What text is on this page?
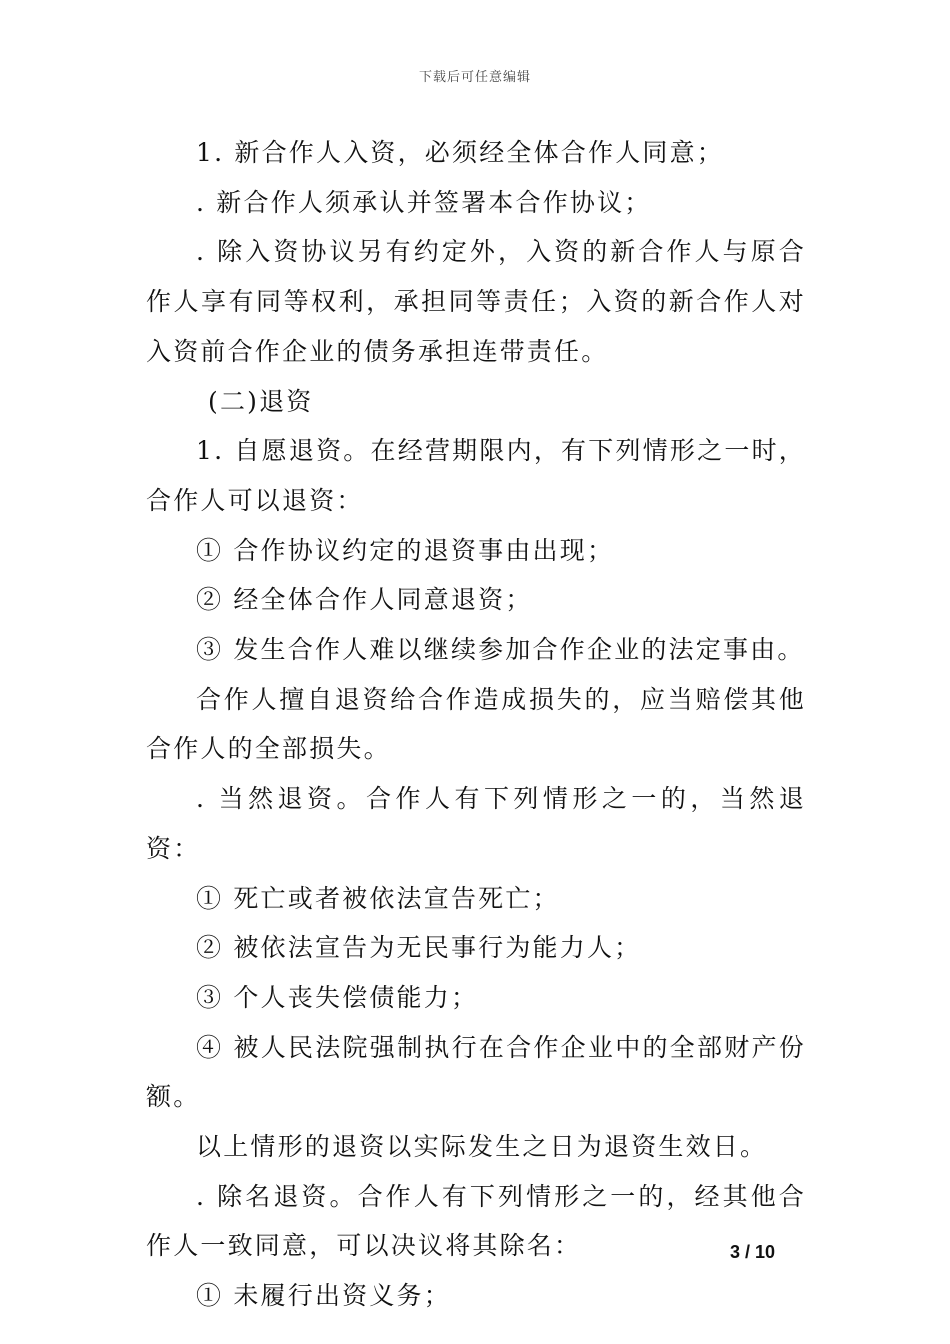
下载后可任意编辑

1. 新合作人入资，必须经全体合作人同意；

. 新合作人须承认并签署本合作协议；

. 除入资协议另有约定外，入资的新合作人与原合作人享有同等权利，承担同等责任；入资的新合作人对入资前合作企业的债务承担连带责任。

(二)退资

1. 自愿退资。在经营期限内，有下列情形之一时，合作人可以退资：

① 合作协议约定的退资事由出现；

② 经全体合作人同意退资；

③ 发生合作人难以继续参加合作企业的法定事由。

合作人擅自退资给合作造成损失的，应当赔偿其他合作人的全部损失。

. 当然退资。合作人有下列情形之一的，当然退资：

① 死亡或者被依法宣告死亡；

② 被依法宣告为无民事行为能力人；

③ 个人丧失偿债能力；

④ 被人民法院强制执行在合作企业中的全部财产份额。

以上情形的退资以实际发生之日为退资生效日。

. 除名退资。合作人有下列情形之一的，经其他合作人一致同意，可以决议将其除名：

① 未履行出资义务；

3 / 10
